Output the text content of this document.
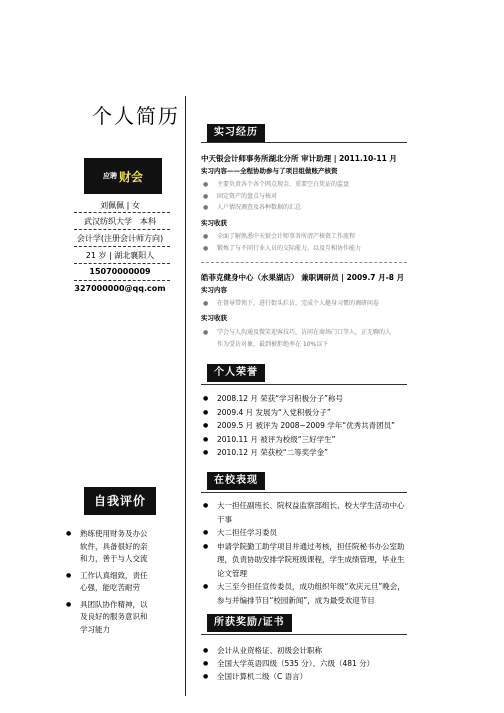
个人简历
应聘 财会
刘佩佩 | 女
武汉纺织大学　本科
会计学(注册会计师方向)
21 岁 | 湖北襄阳人
15070000009
327000000@qq.com
自我评价
● 熟练使用财务及办公
软件，具备很好的亲
和力，善于与人交流
● 工作认真细致，责任
心强，能吃苦耐劳
● 具团队协作精神，以
及良好的服务意识和
学习能力
实习经历
中天银会计师事务所湖北分所 审计助理 | 2011.10-11 月
实习内容——全程协助参与了项目组做账产核资
● 主要负责各个各个网点现金、重要空白凭证的监盘
● 固定资产的盘点与核对
● 人户情况调查及各种数据的汇总
实习收获
● 全面了解熟悉中天银会计师事务所清产核资工作流程
● 锻炼了与不同行业人员的交际能力，以及互相协作能力
皓菲克健身中心（水果湖店） 兼职调研员 | 2009.7 月-8 月
实习内容
● 在督导带领下，进行街头拦访，完成个人健身习惯的调研问卷
实习收获
● 学会与人沟通及微笑迎客技巧，访问在商场门口等人，正无聊的人
作为受访对象，最到被拒绝率在 10%以下
个人荣誉
● 2008.12 月 荣获“学习积极分子”称号
● 2009.4 月 发展为“入党积极分子”
● 2009.5 月 被评为 2008~2009 学年“优秀共青团员”
● 2010.11 月 被评为校级“三好学生”
● 2010.12 月 荣获校“二等奖学金”
在校表现
● 大一担任副班长、院权益监察部组长、校大学生活动中心
干事
● 大二担任学习委员
● 申请学院勤工助学项目并通过考核，担任院秘书办公室助
理，负责协助安排学院班级课程，学生成绩管理，毕业生
论文管理
● 大三至今担任宣传委员，成功组织年级“欢庆元旦”晚会，
参与并编排节目“校园新闻”，成为最受欢迎节目
所获奖励/证书
● 会计从业资格证、初级会计职称
● 全国大学英语四级（535 分）、六级（481 分）
● 全国计算机二级（C 语言）
